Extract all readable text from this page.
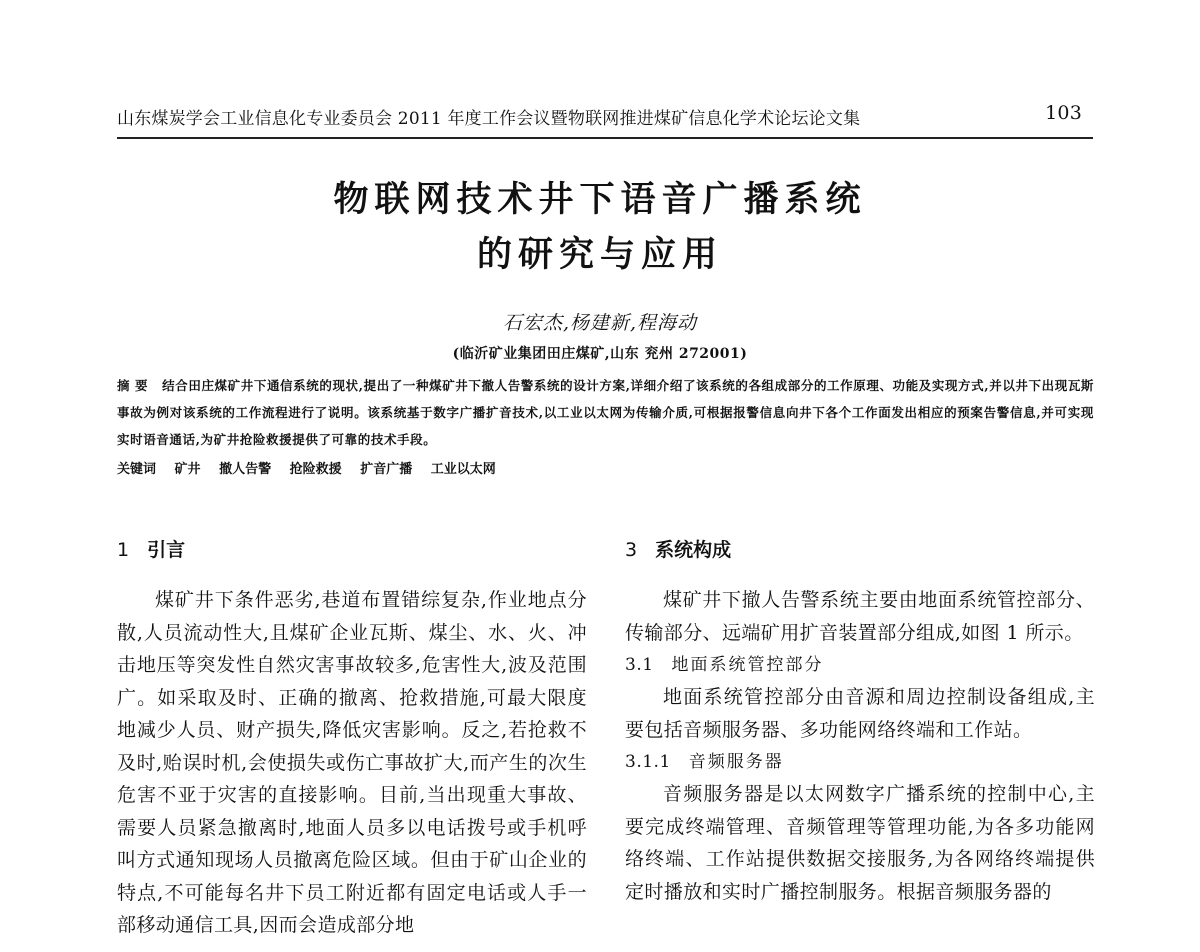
山东煤炭学会工业信息化专业委员会 2011 年度工作会议暨物联网推进煤矿信息化学术论坛论文集	103
物联网技术井下语音广播系统
的研究与应用
石宏杰,杨建新,程海动
(临沂矿业集团田庄煤矿,山东 兖州 272001)
摘 要 结合田庄煤矿井下通信系统的现状,提出了一种煤矿井下撤人告警系统的设计方案,详细介绍了该系统的各组成部分的工作原理、功能及实现方式,并以井下出现瓦斯事故为例对该系统的工作流程进行了说明。该系统基于数字广播扩音技术,以工业以太网为传输介质,可根据报警信息向井下各个工作面发出相应的预案告警信息,并可实现实时语音通话,为矿井抢险救援提供了可靠的技术手段。
关键词 矿井 撤人告警 抢险救援 扩音广播 工业以太网
1 引言

煤矿井下条件恶劣,巷道布置错综复杂,作业地点分散,人员流动性大,且煤矿企业瓦斯、煤尘、水、火、冲击地压等突发性自然灾害事故较多,危害性大,波及范围广。如采取及时、正确的撤离、抢救措施,可最大限度地减少人员、财产损失,降低灾害影响。反之,若抢救不及时,贻误时机,会使损失或伤亡事故扩大,而产生的次生危害不亚于灾害的直接影响。目前,当出现重大事故、需要人员紧急撤离时,地面人员多以电话拨号或手机呼叫方式通知现场人员撤离危险区域。但由于矿山企业的特点,不可能每名井下员工附近都有固定电话或人手一部移动通信工具,因而会造成部分地

3 系统构成

煤矿井下撤人告警系统主要由地面系统管控部分、传输部分、远端矿用扩音装置部分组成,如图 1 所示。

3.1 地面系统管控部分

地面系统管控部分由音源和周边控制设备组成,主要包括音频服务器、多功能网络终端和工作站。

3.1.1 音频服务器

音频服务器是以太网数字广播系统的控制中心,主要完成终端管理、音频管理等管理功能,为各多功能网络终端、工作站提供数据交接服务,为各网络终端提供定时播放和实时广播控制服务。根据音频服务器的
